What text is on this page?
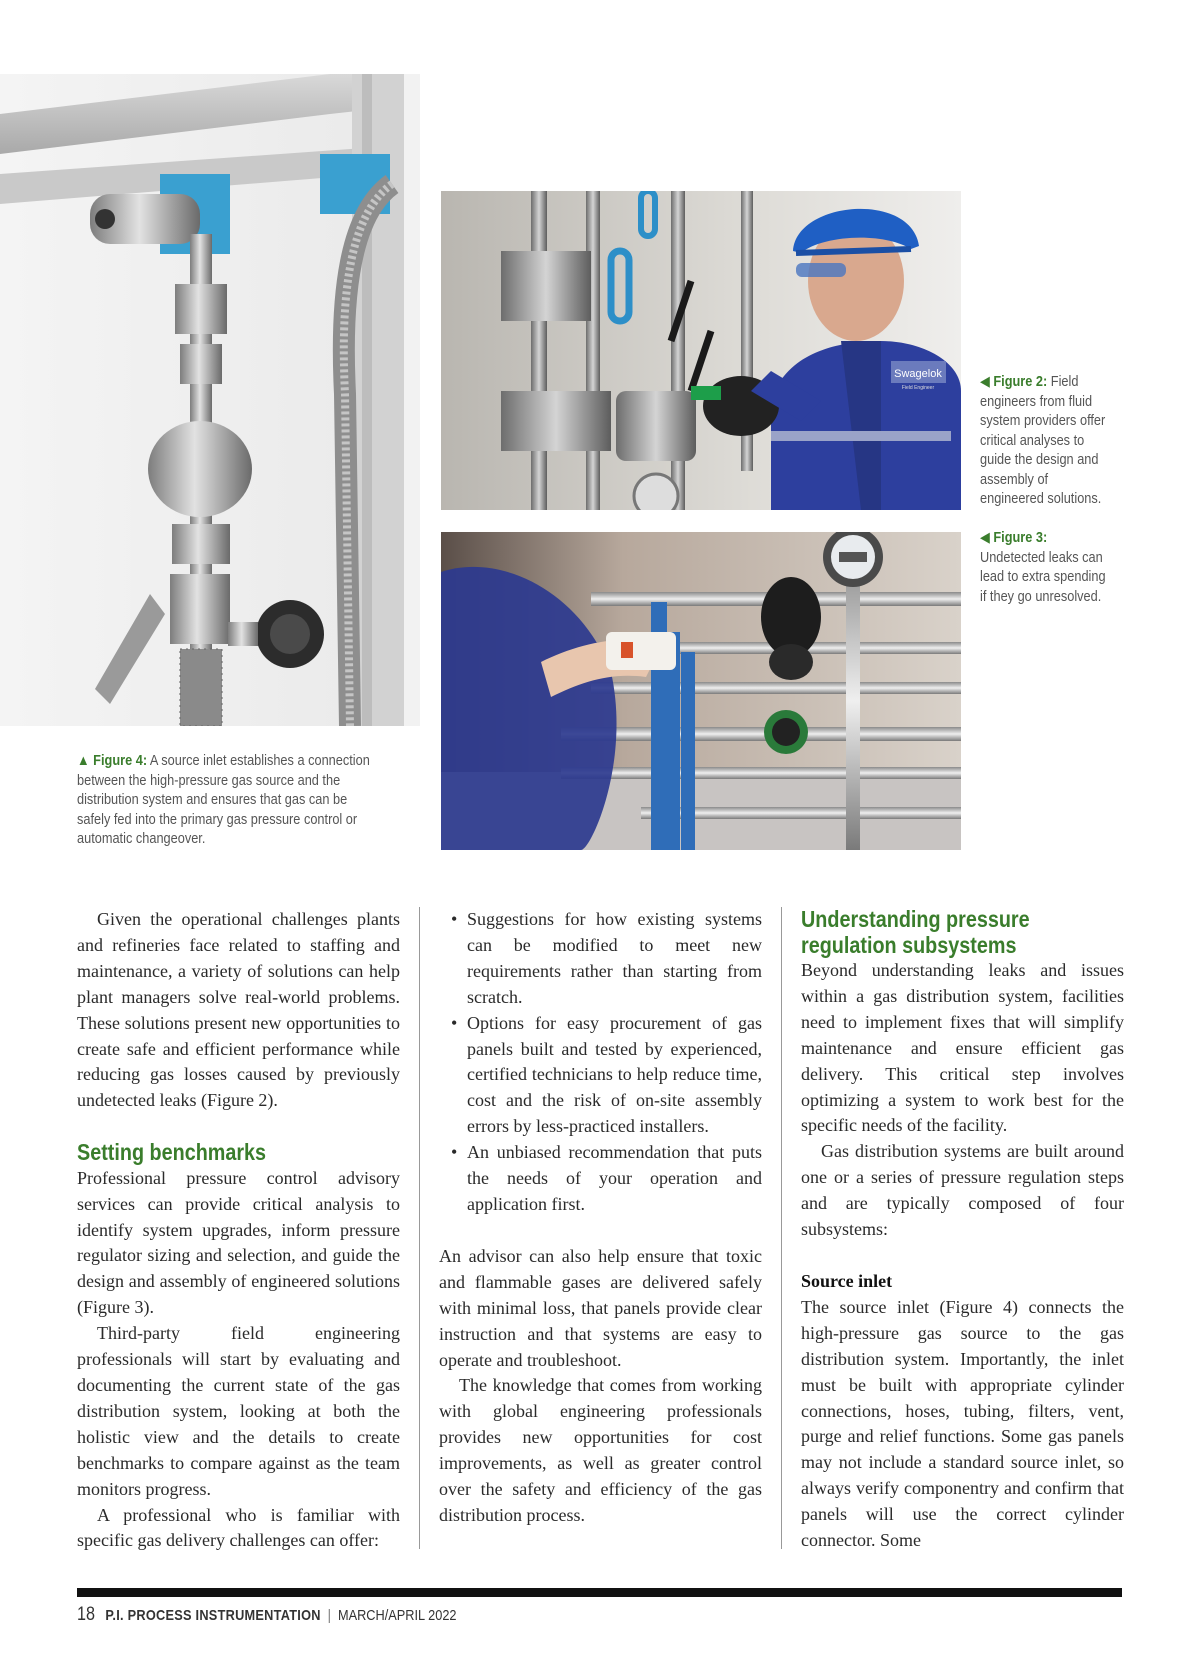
Swagelok
Field Engineer	◀ Figure 2: Field engineers from fluid system providers offer critical analyses to guide the design and assembly of engineered solutions.
◀ Figure 3: Undetected leaks can lead to extra spending if they go unresolved.
▲ Figure 4: A source inlet establishes a connection between the high-pressure gas source and the distribution system and ensures that gas can be safely fed into the primary gas pressure control or automatic changeover.

Given the operational challenges plants and refineries face related to staffing and maintenance, a variety of solutions can help plant managers solve real-world problems. These solutions present new opportunities to create safe and efficient performance while reducing gas losses caused by previously undetected leaks (Figure 2).

Setting benchmarks

Professional pressure control advisory services can provide critical analysis to identify system upgrades, inform pressure regulator sizing and selection, and guide the design and assembly of engineered solutions (Figure 3).

Third-party field engineering professionals will start by evaluating and documenting the current state of the gas distribution system, looking at both the holistic view and the details to create benchmarks to compare against as the team monitors progress.

A professional who is familiar with specific gas delivery challenges can offer:

• Suggestions for how existing systems can be modified to meet new requirements rather than starting from scratch.
• Options for easy procurement of gas panels built and tested by experienced, certified technicians to help reduce time, cost and the risk of on-site assembly errors by less-practiced installers.
• An unbiased recommendation that puts the needs of your operation and application first.

An advisor can also help ensure that toxic and flammable gases are delivered safely with minimal loss, that panels provide clear instruction and that systems are easy to operate and troubleshoot.

The knowledge that comes from working with global engineering professionals provides new opportunities for cost improvements, as well as greater control over the safety and efficiency of the gas distribution process.

Understanding pressure regulation subsystems

Beyond understanding leaks and issues within a gas distribution system, facilities need to implement fixes that will simplify maintenance and ensure efficient gas delivery. This critical step involves optimizing a system to work best for the specific needs of the facility.

Gas distribution systems are built around one or a series of pressure regulation steps and are typically composed of four subsystems:

Source inlet

The source inlet (Figure 4) connects the high-pressure gas source to the gas distribution system. Importantly, the inlet must be built with appropriate cylinder connections, hoses, tubing, filters, vent, purge and relief functions. Some gas panels may not include a standard source inlet, so always verify componentry and confirm that panels will use the correct cylinder connector. Some

18 P.I. PROCESS INSTRUMENTATION | MARCH/APRIL 2022
